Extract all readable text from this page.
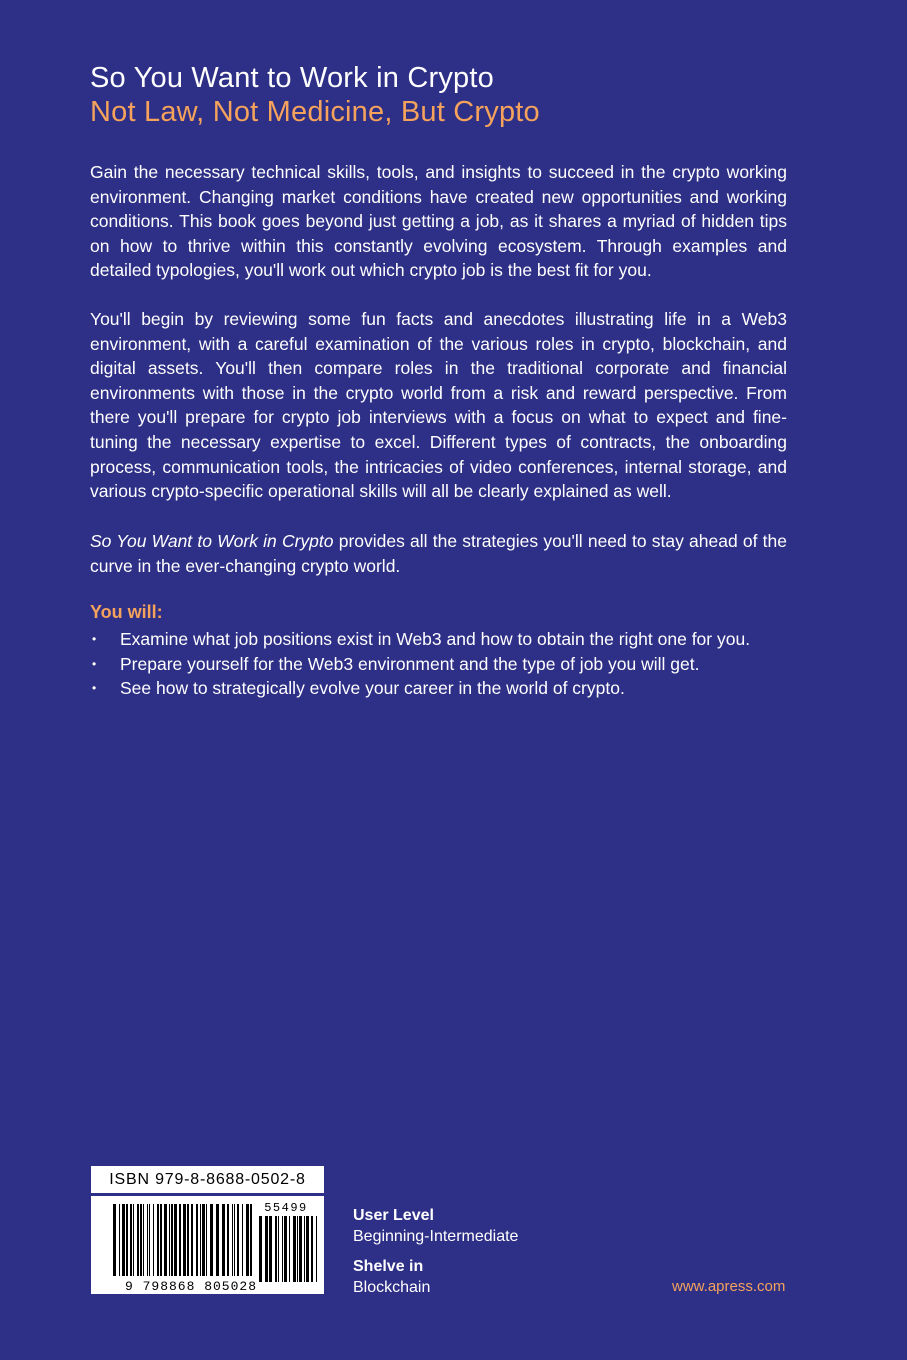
So You Want to Work in Crypto
Not Law, Not Medicine, But Crypto
Gain the necessary technical skills, tools, and insights to succeed in the crypto working environment. Changing market conditions have created new opportunities and working conditions. This book goes beyond just getting a job, as it shares a myriad of hidden tips on how to thrive within this constantly evolving ecosystem. Through examples and detailed typologies, you'll work out which crypto job is the best fit for you.
You'll begin by reviewing some fun facts and anecdotes illustrating life in a Web3 environment, with a careful examination of the various roles in crypto, blockchain, and digital assets. You'll then compare roles in the traditional corporate and financial environments with those in the crypto world from a risk and reward perspective. From there you'll prepare for crypto job interviews with a focus on what to expect and fine-tuning the necessary expertise to excel. Different types of contracts, the onboarding process, communication tools, the intricacies of video conferences, internal storage, and various crypto-specific operational skills will all be clearly explained as well.
So You Want to Work in Crypto provides all the strategies you'll need to stay ahead of the curve in the ever-changing crypto world.
You will:
• Examine what job positions exist in Web3 and how to obtain the right one for you.
• Prepare yourself for the Web3 environment and the type of job you will get.
• See how to strategically evolve your career in the world of crypto.
ISBN 979-8-8688-0502-8
9 798868 805028
55499	User Level
Beginning-Intermediate
Shelve in
Blockchain	www.apress.com
